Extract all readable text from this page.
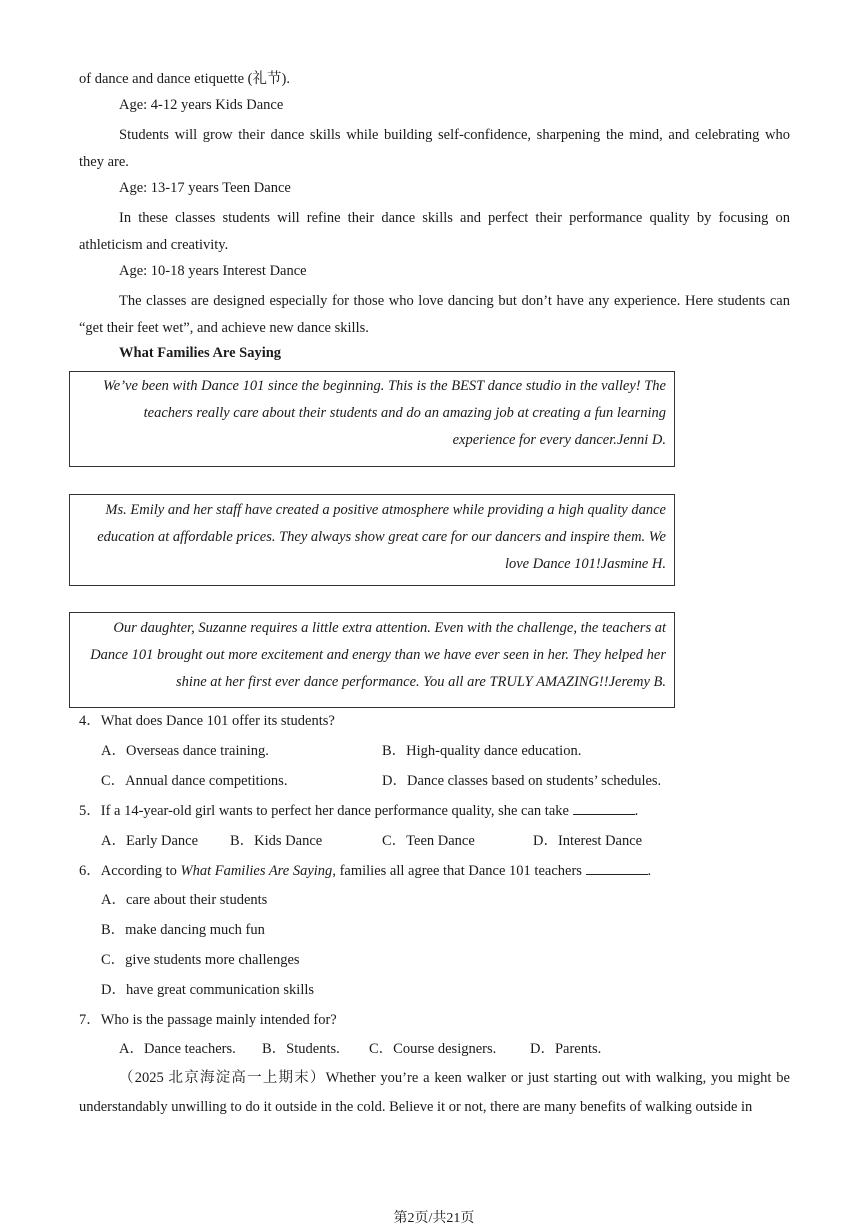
of dance and dance etiquette (礼节).
Age: 4-12 years Kids Dance
Students will grow their dance skills while building self-confidence, sharpening the mind, and celebrating who they are.
Age: 13-17 years Teen Dance
In these classes students will refine their dance skills and perfect their performance quality by focusing on athleticism and creativity.
Age: 10-18 years Interest Dance
The classes are designed especially for those who love dancing but don’t have any experience. Here students can “get their feet wet”, and achieve new dance skills.
What Families Are Saying

We’ve been with Dance 101 since the beginning. This is the BEST dance studio in the valley! The teachers really care about their students and do an amazing job at creating a fun learning experience for every dancer.Jenni D.

Ms. Emily and her staff have created a positive atmosphere while providing a high quality dance education at affordable prices. They always show great care for our dancers and inspire them. We love Dance 101!Jasmine H.

Our daughter, Suzanne requires a little extra attention. Even with the challenge, the teachers at Dance 101 brought out more excitement and energy than we have ever seen in her. They helped her shine at her first ever dance performance. You all are TRULY AMAZING!!Jeremy B.

4．What does Dance 101 offer its students?
A．Overseas dance training.	B．High-quality dance education.
C．Annual dance competitions.	D．Dance classes based on students’ schedules.
5．If a 14-year-old girl wants to perfect her dance performance quality, she can take	.
A．Early Dance B．Kids Dance	C．Teen Dance	D．Interest Dance
6．According to What Families Are Saying, families all agree that Dance 101 teachers	.
A．care about their students
B．make dancing much fun
C．give students more challenges
D．have great communication skills
7．Who is the passage mainly intended for?
A．Dance teachers. B．Students. C．Course designers. D．Parents.
（2025 北京海淀高一上期末）Whether you’re a keen walker or just starting out with walking, you might be understandably unwilling to do it outside in the cold. Believe it or not, there are many benefits of walking outside in
第2页/共21页
